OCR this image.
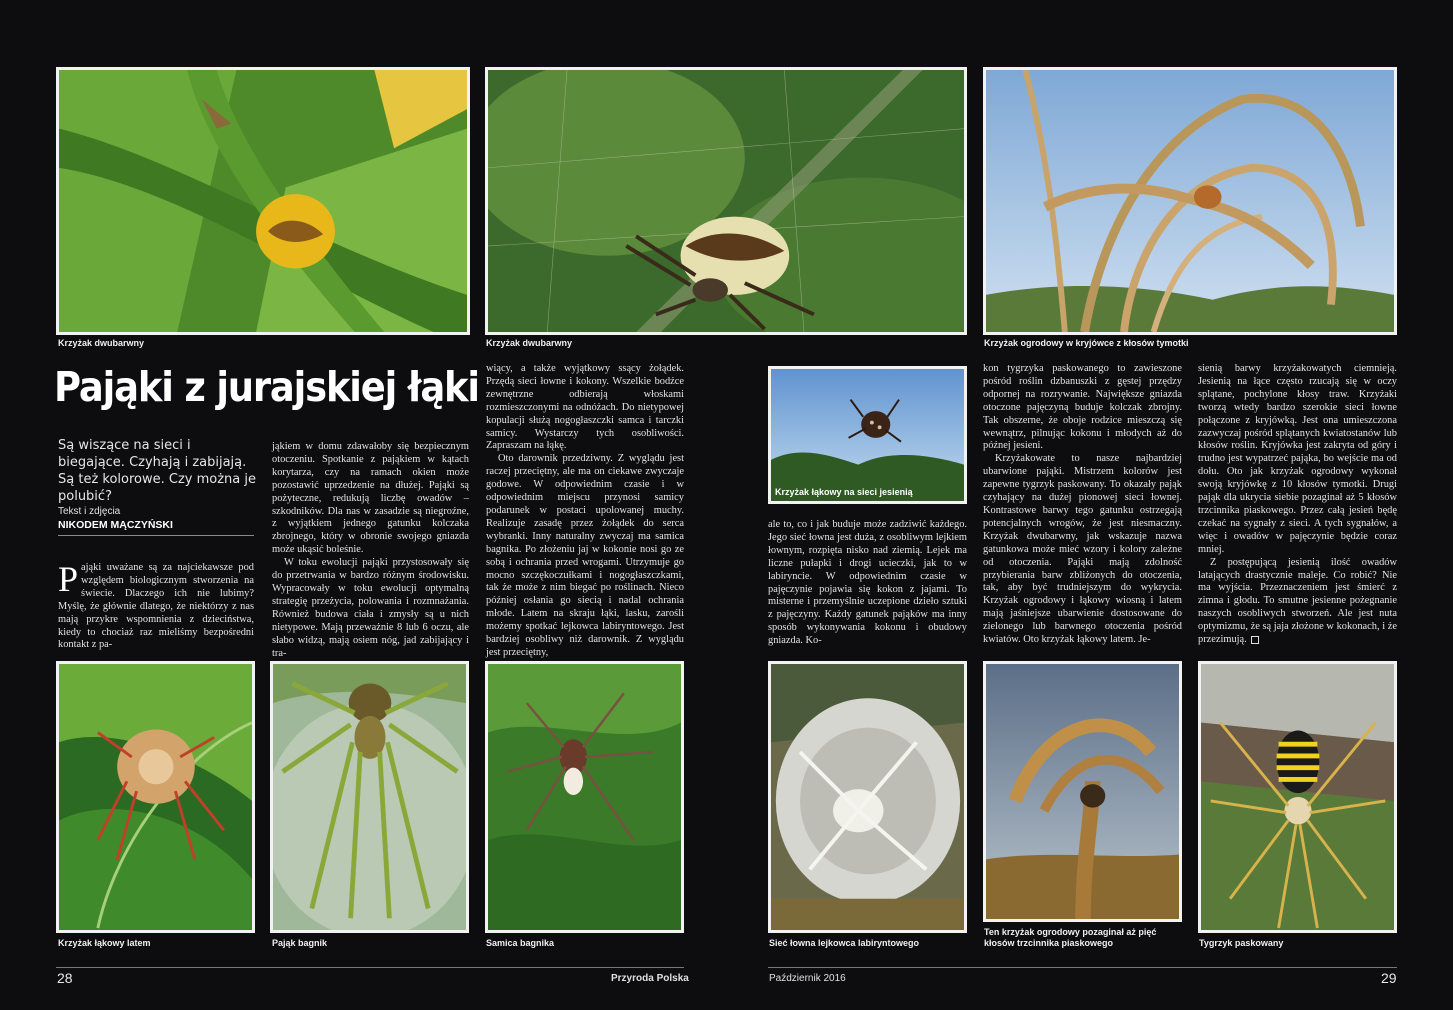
Krzyżak dwubarwny	Krzyżak dwubarwny	Krzyżak ogrodowy w kryjówce z kłosów tymotki
Pająki z jurajskiej łąki
Są wiszące na sieci i biegające. Czyhają i zabijają. Są też kolorowe. Czy można je polubić?
Tekst i zdjęcia
NIKODEM MĄCZYŃSKI

Pająki uważane są za najciekawsze pod względem biologicznym stworzenia na świecie. Dlaczego ich nie lubimy? Myślę, że głównie dlatego, że niektórzy z nas mają przykre wspomnienia z dzieciństwa, kiedy to chociaż raz mieliśmy bezpośredni kontakt z pa-

jąkiem w domu zdawałoby się bezpiecznym otoczeniu. Spotkanie z pająkiem w kątach korytarza, czy na ramach okien może pozostawić uprzedzenie na dłużej. Pająki są pożyteczne, redukują liczbę owadów – szkodników. Dla nas w zasadzie są niegroźne, z wyjątkiem jednego gatunku kolczaka zbrojnego, który w obronie swojego gniazda może ukąsić boleśnie.

W toku ewolucji pająki przystosowały się do przetrwania w bardzo różnym środowisku. Wypracowały w toku ewolucji optymalną strategię przeżycia, polowania i rozmnażania. Również budowa ciała i zmysły są u nich nietypowe. Mają przeważnie 8 lub 6 oczu, ale słabo widzą, mają osiem nóg, jad zabijający i tra-

wiący, a także wyjątkowy ssący żołądek. Przędą sieci łowne i kokony. Wszelkie bodźce zewnętrzne odbierają włoskami rozmieszczonymi na odnóżach. Do nietypowej kopulacji służą nogogłaszczki samca i tarczki samicy. Wystarczy tych osobliwości. Zapraszam na łąkę.

Oto darownik przedziwny. Z wyglądu jest raczej przeciętny, ale ma on ciekawe zwyczaje godowe. W odpowiednim czasie i w odpowiednim miejscu przynosi samicy podarunek w postaci upolowanej muchy. Realizuje zasadę przez żołądek do serca wybranki. Inny naturalny zwyczaj ma samica bagnika. Po złożeniu jaj w kokonie nosi go ze sobą i ochrania przed wrogami. Utrzymuje go mocno szczękoczułkami i nogogłaszczkami, tak że może z nim biegać po roślinach. Nieco później osłania go siecią i nadal ochrania młode. Latem na skraju łąki, lasku, zarośli możemy spotkać lejkowca labiryntowego. Jest bardziej osobliwy niż darownik. Z wyglądu jest przeciętny,

Krzyżak łąkowy na sieci jesienią

ale to, co i jak buduje może zadziwić każdego. Jego sieć łowna jest duża, z osobliwym lejkiem łownym, rozpięta nisko nad ziemią. Lejek ma liczne pułapki i drogi ucieczki, jak to w labiryncie. W odpowiednim czasie w pajęczynie pojawia się kokon z jajami. To misterne i przemyślnie uczepione dzieło sztuki z pajęczyny. Każdy gatunek pająków ma inny sposób wykonywania kokonu i obudowy gniazda. Ko-

kon tygrzyka paskowanego to zawieszone pośród roślin dzbanuszki z gęstej przędzy odpornej na rozrywanie. Największe gniazda otoczone pajęczyną buduje kolczak zbrojny. Tak obszerne, że oboje rodzice mieszczą się wewnątrz, pilnując kokonu i młodych aż do późnej jesieni.

Krzyżakowate to nasze najbardziej ubarwione pająki. Mistrzem kolorów jest zapewne tygrzyk paskowany. To okazały pająk czyhający na dużej pionowej sieci łownej. Kontrastowe barwy tego gatunku ostrzegają potencjalnych wrogów, że jest niesmaczny. Krzyżak dwubarwny, jak wskazuje nazwa gatunkowa może mieć wzory i kolory zależne od otoczenia. Pająki mają zdolność przybierania barw zbliżonych do otoczenia, tak, aby być trudniejszym do wykrycia. Krzyżak ogrodowy i łąkowy wiosną i latem mają jaśniejsze ubarwienie dostosowane do zielonego lub barwnego otoczenia pośród kwiatów. Oto krzyżak łąkowy latem. Je-

sienią barwy krzyżakowatych ciemnieją. Jesienią na łące często rzucają się w oczy splątane, pochylone kłosy traw. Krzyżaki tworzą wtedy bardzo szerokie sieci łowne połączone z kryjówką. Jest ona umieszczona zazwyczaj pośród splątanych kwiatostanów lub kłosów roślin. Kryjówka jest zakryta od góry i trudno jest wypatrzeć pająka, bo wejście ma od dołu. Oto jak krzyżak ogrodowy wykonał swoją kryjówkę z 10 kłosów tymotki. Drugi pająk dla ukrycia siebie pozaginał aż 5 kłosów trzcinnika piaskowego. Przez całą jesień będę czekać na sygnały z sieci. A tych sygnałów, a więc i owadów w pajęczynie będzie coraz mniej.

Z postępującą jesienią ilość owadów latających drastycznie maleje. Co robić? Nie ma wyjścia. Przeznaczeniem jest śmierć z zimna i głodu. To smutne jesienne pożegnanie naszych osobliwych stworzeń. Ale jest nuta optymizmu, że są jaja złożone w kokonach, i że przezimują.

Krzyżak łąkowy latem	Pająk bagnik	Samica bagnika	Sieć łowna lejkowca labiryntowego
Ten krzyżak ogrodowy pozaginał aż pięć kłosów trzcinnika piaskowego	Tygrzyk paskowany
28	Przyroda Polska	Październik 2016	29
